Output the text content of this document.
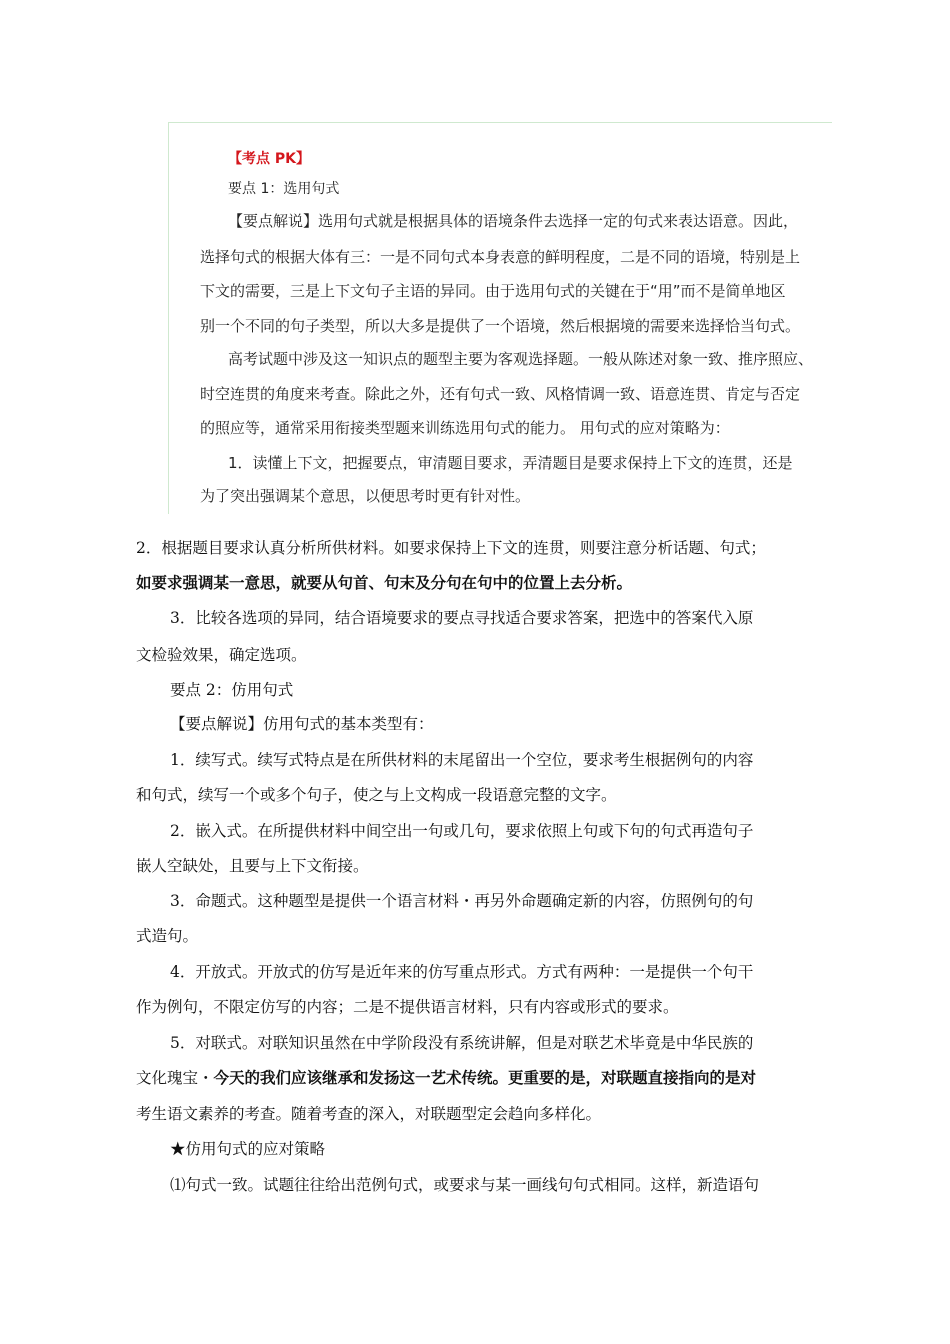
【考点 PK】
要点 1：选用句式
【要点解说】选用句式就是根据具体的语境条件去选择一定的句式来表达语意。因此，
选择句式的根据大体有三：一是不同句式本身表意的鲜明程度，二是不同的语境，特别是上
下文的需要，三是上下文句子主语的异同。由于选用句式的关键在于“用”而不是简单地区
别一个不同的句子类型，所以大多是提供了一个语境，然后根据境的需要来选择恰当句式。
高考试题中涉及这一知识点的题型主要为客观选择题。一般从陈述对象一致、推序照应、
时空连贯的角度来考查。除此之外，还有句式一致、风格情调一致、语意连贯、肯定与否定
的照应等，通常采用衔接类型题来训练选用句式的能力。 用句式的应对策略为：
1．读懂上下文，把握要点，审清题目要求，弄清题目是要求保持上下文的连贯，还是
为了突出强调某个意思，以便思考时更有针对性。
2．根据题目要求认真分析所供材料。如要求保持上下文的连贯，则要注意分析话题、句式；
如要求强调某一意思，就要从句首、句末及分句在句中的位置上去分析。
3．比较各选项的异同，结合语境要求的要点寻找适合要求答案，把选中的答案代入原
文检验效果，确定选项。
要点 2：仿用句式
【要点解说】仿用句式的基本类型有：
1．续写式。续写式特点是在所供材料的末尾留出一个空位，要求考生根据例句的内容
和句式，续写一个或多个句子，使之与上文构成一段语意完整的文字。
2．嵌入式。在所提供材料中间空出一句或几句，要求依照上句或下句的句式再造句子
嵌人空缺处，且要与上下文衔接。
3．命题式。这种题型是提供一个语言材料・再另外命题确定新的内容，仿照例句的句
式造句。
4．开放式。开放式的仿写是近年来的仿写重点形式。方式有两种：一是提供一个句干
作为例句，不限定仿写的内容；二是不提供语言材料，只有内容或形式的要求。
5．对联式。对联知识虽然在中学阶段没有系统讲解，但是对联艺术毕竟是中华民族的
文化瑰宝・今天的我们应该继承和发扬这一艺术传统。更重要的是，对联题直接指向的是对
考生语文素养的考查。随着考查的深入，对联题型定会趋向多样化。
★仿用句式的应对策略
⑴句式一致。试题往往给出范例句式，或要求与某一画线句句式相同。这样，新造语句
